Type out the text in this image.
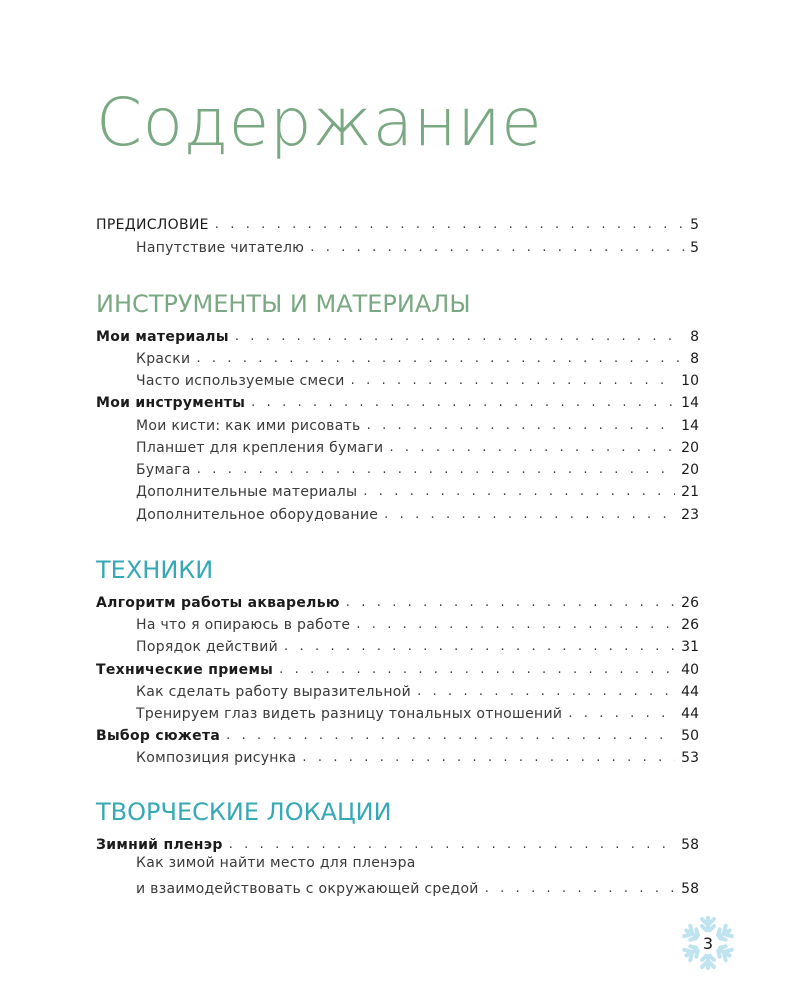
Содержание
ПРЕДИСЛОВИЕ . . .	5
Напутствие читателю . . .	5
ИНСТРУМЕНТЫ И МАТЕРИАЛЫ
Мои материалы . . .	8
Краски . . .	8
Часто используемые смеси . . .	10
Мои инструменты . . .	14
Мои кисти: как ими рисовать . . .	14
Планшет для крепления бумаги . . .	20
Бумага . . .	20
Дополнительные материалы . . .	21
Дополнительное оборудование . . .	23
ТЕХНИКИ
Алгоритм работы акварелью . . .	26
На что я опираюсь в работе . . .	26
Порядок действий . . .	31
Технические приемы . . .	40
Как сделать работу выразительной . . .	44
Тренируем глаз видеть разницу тональных отношений . . .	44
Выбор сюжета . . .	50
Композиция рисунка . . .	53
ТВОРЧЕСКИЕ ЛОКАЦИИ
Зимний пленэр . . .	58
Как зимой найти место для пленэра
и взаимодействовать с окружающей средой . . .	58
3
